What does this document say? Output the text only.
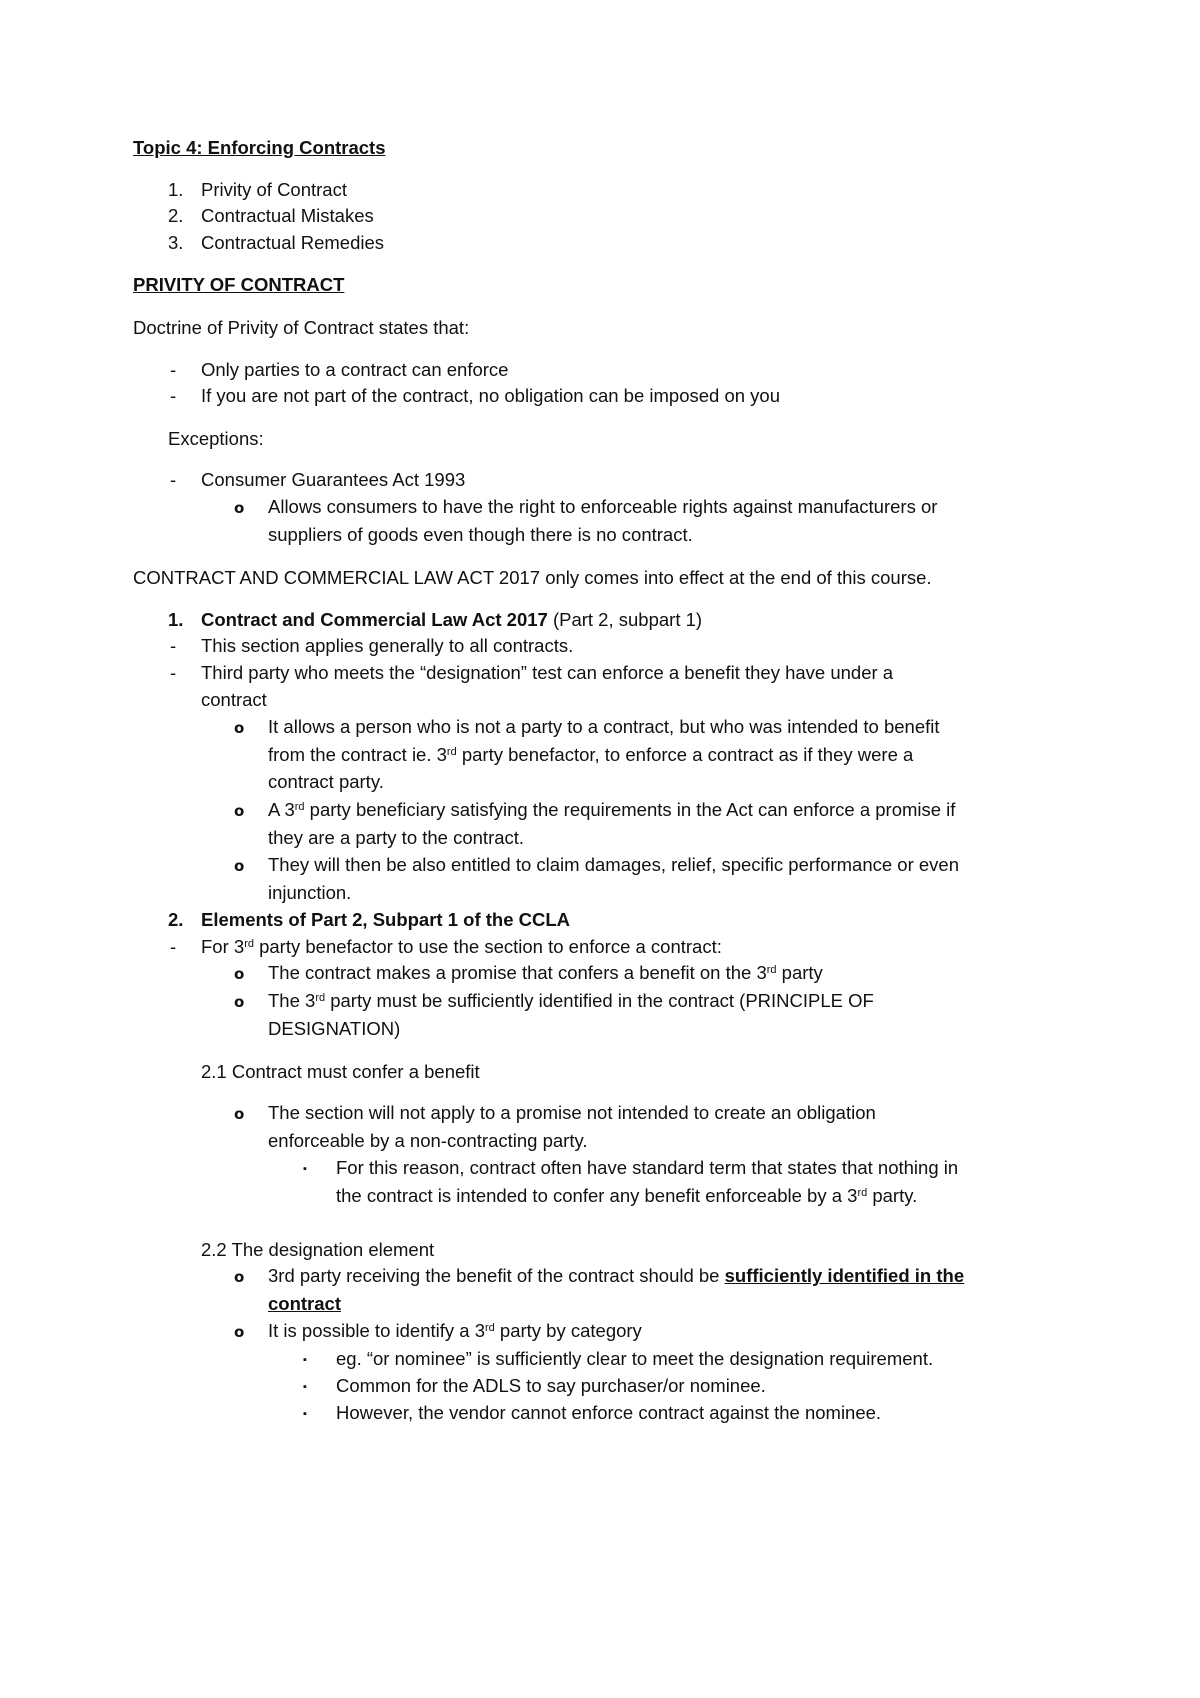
Topic 4: Enforcing Contracts
1. Privity of Contract
2. Contractual Mistakes
3. Contractual Remedies
PRIVITY OF CONTRACT
Doctrine of Privity of Contract states that:
- Only parties to a contract can enforce
- If you are not part of the contract, no obligation can be imposed on you
Exceptions:
- Consumer Guarantees Act 1993
o Allows consumers to have the right to enforceable rights against manufacturers or
suppliers of goods even though there is no contract.
CONTRACT AND COMMERCIAL LAW ACT 2017 only comes into effect at the end of this course.
1. Contract and Commercial Law Act 2017 (Part 2, subpart 1)
- This section applies generally to all contracts.
- Third party who meets the “designation” test can enforce a benefit they have under a
contract
o It allows a person who is not a party to a contract, but who was intended to benefit
from the contract ie. 3rd party benefactor, to enforce a contract as if they were a
contract party.
o A 3rd party beneficiary satisfying the requirements in the Act can enforce a promise if
they are a party to the contract.
o They will then be also entitled to claim damages, relief, specific performance or even
injunction.
2. Elements of Part 2, Subpart 1 of the CCLA
- For 3rd party benefactor to use the section to enforce a contract:
o The contract makes a promise that confers a benefit on the 3rd party
o The 3rd party must be sufficiently identified in the contract (PRINCIPLE OF
DESIGNATION)
2.1 Contract must confer a benefit
o The section will not apply to a promise not intended to create an obligation
enforceable by a non-contracting party.
▪ For this reason, contract often have standard term that states that nothing in
the contract is intended to confer any benefit enforceable by a 3rd party.
2.2 The designation element
o 3rd party receiving the benefit of the contract should be sufficiently identified in the
contract
o It is possible to identify a 3rd party by category
▪ eg. “or nominee” is sufficiently clear to meet the designation requirement.
▪ Common for the ADLS to say purchaser/or nominee.
▪ However, the vendor cannot enforce contract against the nominee.
